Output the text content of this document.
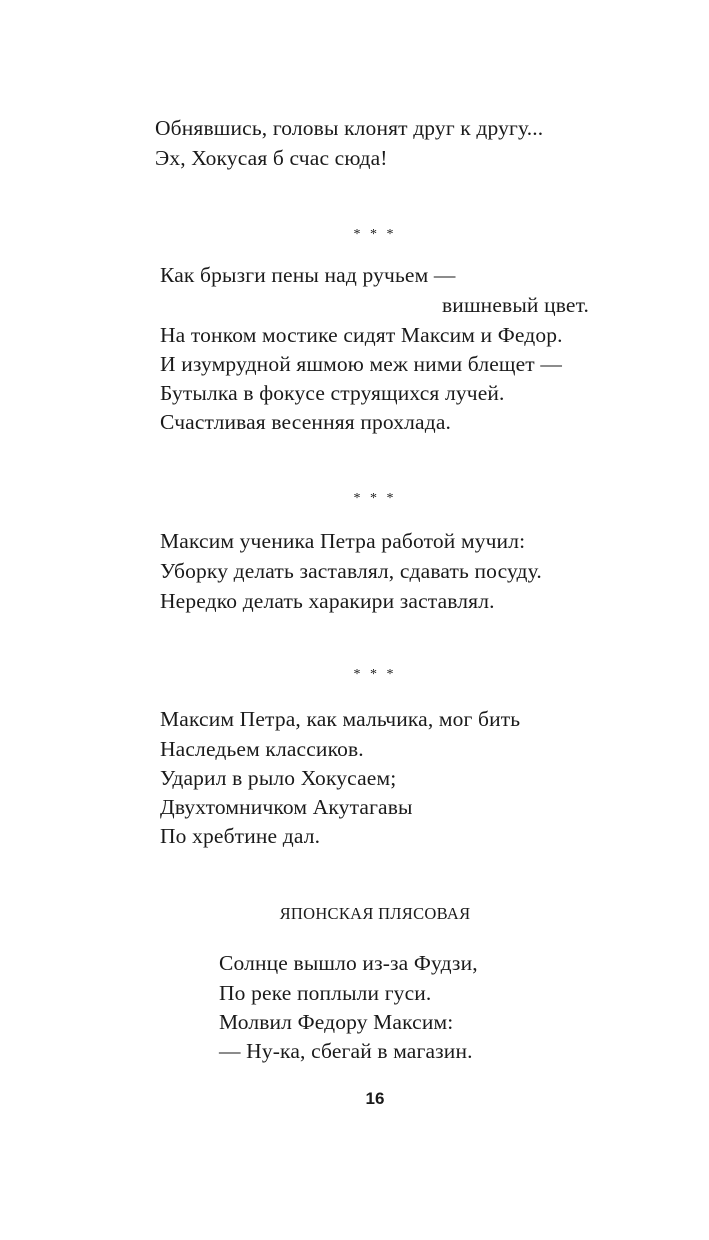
Обнявшись, головы клонят друг к другу...
Эх, Хокусая б счас сюда!
* * *
Как брызги пены над ручьем —
вишневый цвет.
На тонком мостике сидят Максим и Федор.
И изумрудной яшмою меж ними блещет —
Бутылка в фокусе струящихся лучей.
Счастливая весенняя прохлада.
* * *
Максим ученика Петра работой мучил:
Уборку делать заставлял, сдавать посуду.
Нередко делать харакири заставлял.
* * *
Максим Петра, как мальчика, мог бить
Наследьем классиков.
Ударил в рыло Хокусаем;
Двухтомничком Акутагавы
По хребтине дал.
ЯПОНСКАЯ ПЛЯСОВАЯ
Солнце вышло из-за Фудзи,
По реке поплыли гуси.
Молвил Федору Максим:
— Ну-ка, сбегай в магазин.
16
